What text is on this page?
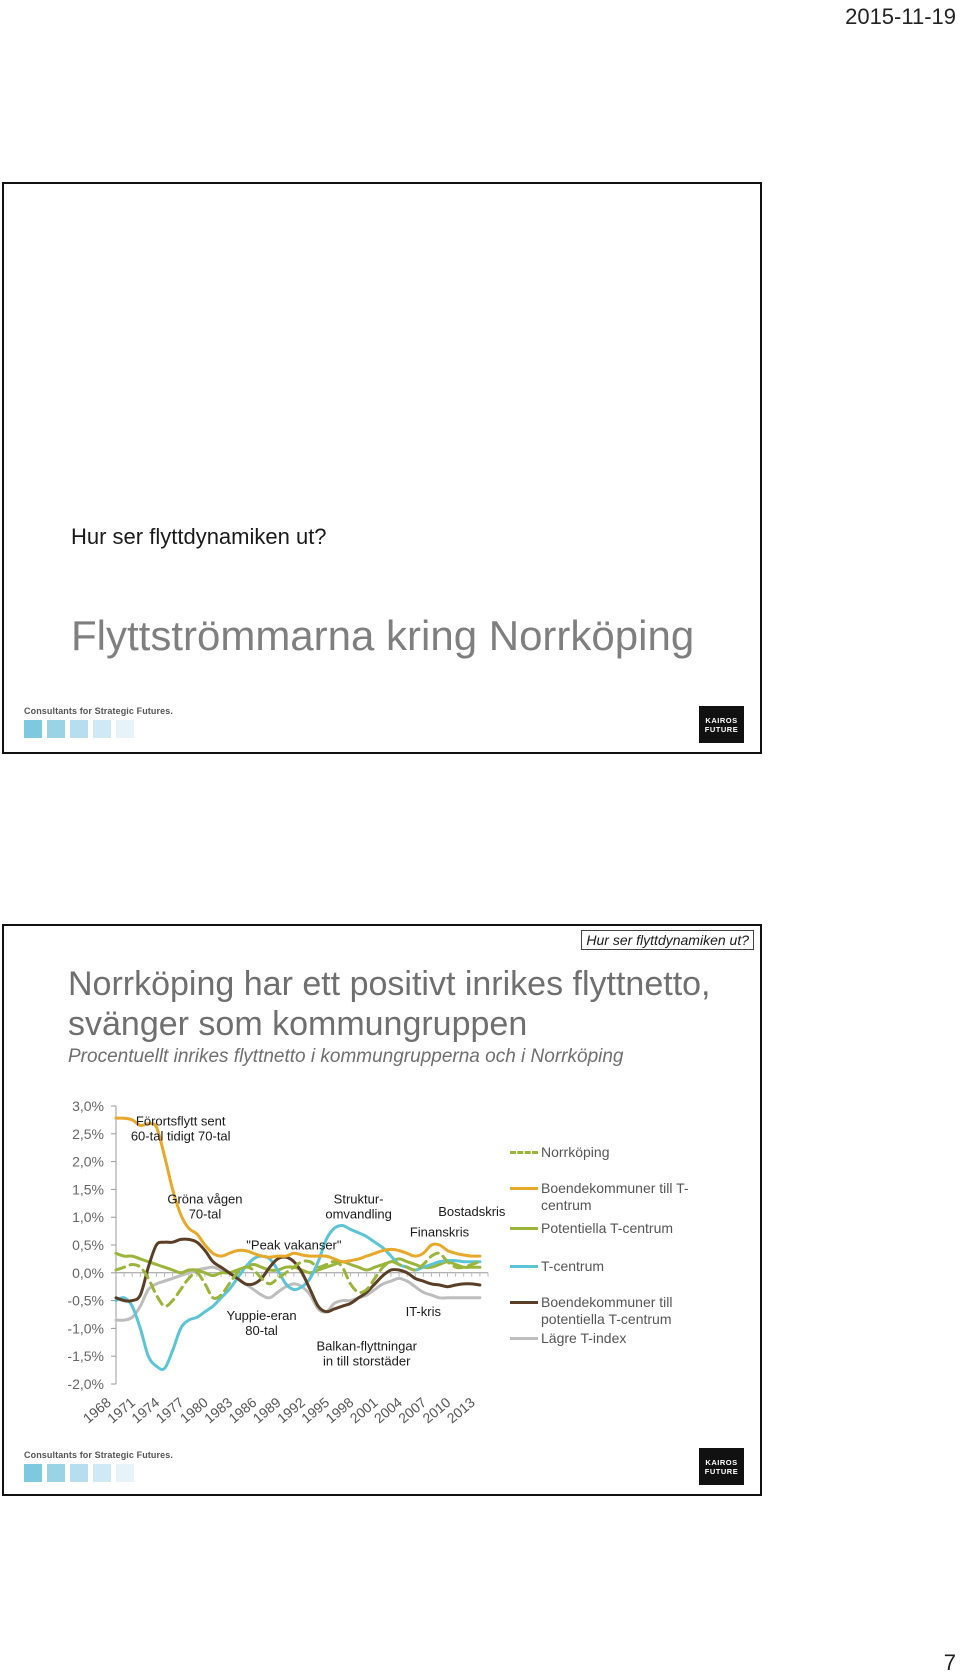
2015-11-19
Hur ser flyttdynamiken ut?
Flyttströmmarna kring Norrköping
Consultants for Strategic Futures.
KAIROS
FUTURE
3,0%
2,5%
2,0%
1,5%
1,0%
0,5%
0,0%
-0,5%
-1,0%
-1,5%
-2,0%
1968
1971
1974
1977
1980
1983
1986
1989
1992
1995
1998
2001
2004
2007
2010
2013
Förortsflytt sent 60-tal tidigt 70-tal
Gröna vågen 70-tal
Yuppie-eran 80-tal
"Peak vakanser"
Struktur-omvandling
Balkan-flyttningar in till storstäder
IT-kris
Bostadskris
Finanskris
Hur ser flyttdynamiken ut?
Norrköping har ett positivt inrikes flyttnetto, svänger som kommungruppen
Procentuellt inrikes flyttnetto i kommungrupperna och i Norrköping
Norrköping
Boendekommuner till T-centrum
Potentiella T-centrum
T-centrum
Boendekommuner till potentiella T-centrum
Lägre T-index
Consultants for Strategic Futures.
KAIROS
FUTURE
7
